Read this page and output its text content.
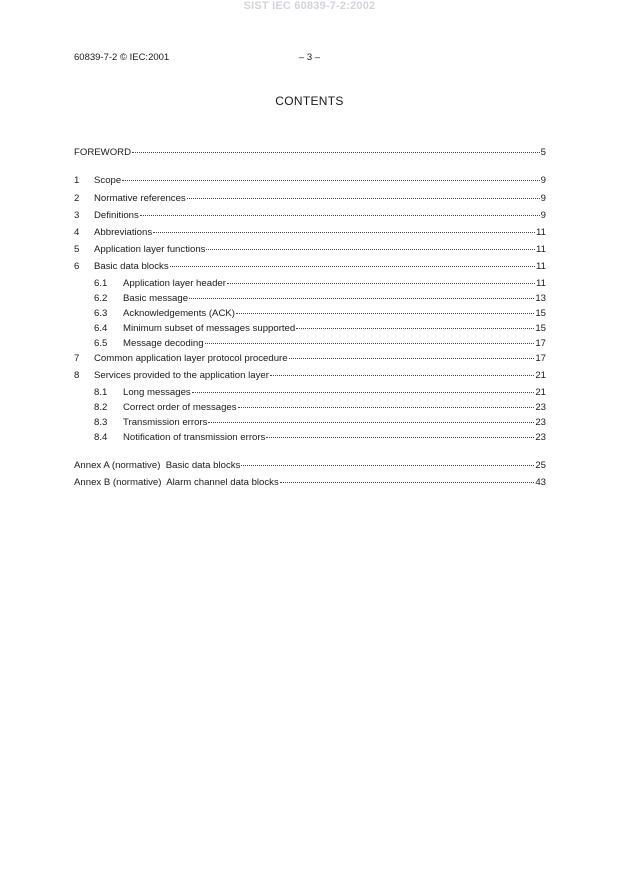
SIST IEC 60839-7-2:2002
60839-7-2 © IEC:2001	– 3 –
CONTENTS
FOREWORD	5
1	Scope	9
2	Normative references	9
3	Definitions	9
4	Abbreviations	11
5	Application layer functions	11
6	Basic data blocks	11
6.1	Application layer header	11
6.2	Basic message	13
6.3	Acknowledgements (ACK)	15
6.4	Minimum subset of messages supported	15
6.5	Message decoding	17
7	Common application layer protocol procedure	17
8	Services provided to the application layer	21
8.1	Long messages	21
8.2	Correct order of messages	23
8.3	Transmission errors	23
8.4	Notification of transmission errors	23
Annex A (normative)  Basic data blocks	25
Annex B (normative)  Alarm channel data blocks	43
